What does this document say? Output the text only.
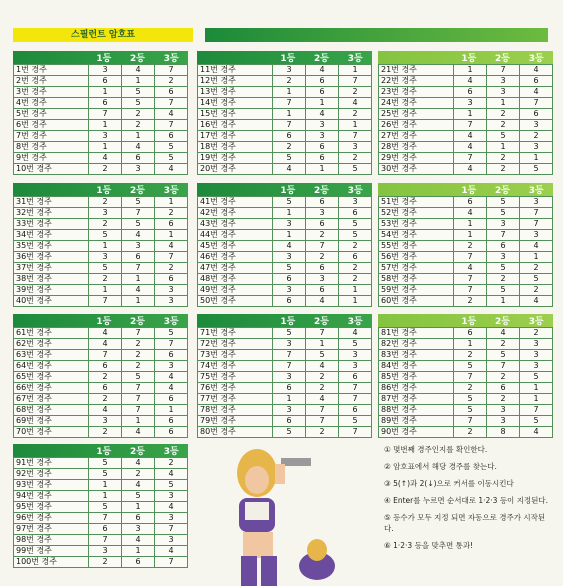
스필런트 암호표
1등	2등	3등
1번 경주	3	4	7
2번 경주	6	1	2
3번 경주	1	5	6
4번 경주	6	5	7
5번 경주	7	2	4
6번 경주	1	2	7
7번 경주	3	1	6
8번 경주	1	4	5
9번 경주	4	6	5
10번 경주	2	3	4
1등	2등	3등
11번 경주	3	4	1
12번 경주	2	6	7
13번 경주	1	6	2
14번 경주	7	1	4
15번 경주	1	4	2
16번 경주	7	3	1
17번 경주	6	3	7
18번 경주	2	6	3
19번 경주	5	6	2
20번 경주	4	1	5
1등	2등	3등
21번 경주	1	7	4
22번 경주	4	3	6
23번 경주	6	3	4
24번 경주	3	1	7
25번 경주	1	2	6
26번 경주	7	2	3
27번 경주	4	5	2
28번 경주	4	1	3
29번 경주	7	2	1
30번 경주	4	2	5
1등	2등	3등
31번 경주	2	5	1
32번 경주	3	7	2
33번 경주	2	5	6
34번 경주	5	4	1
35번 경주	1	3	4
36번 경주	3	6	7
37번 경주	5	7	2
38번 경주	2	1	6
39번 경주	1	4	3
40번 경주	7	1	3
1등	2등	3등
41번 경주	5	6	3
42번 경주	1	3	6
43번 경주	3	6	5
44번 경주	1	2	5
45번 경주	4	7	2
46번 경주	3	2	6
47번 경주	5	6	2
48번 경주	6	3	2
49번 경주	3	6	1
50번 경주	6	4	1
1등	2등	3등
51번 경주	6	5	3
52번 경주	4	5	7
53번 경주	1	3	7
54번 경주	1	7	3
55번 경주	2	6	4
56번 경주	7	3	1
57번 경주	4	5	2
58번 경주	7	2	5
59번 경주	7	5	2
60번 경주	2	1	4
1등	2등	3등
61번 경주	4	7	5
62번 경주	4	2	7
63번 경주	7	2	6
64번 경주	6	2	3
65번 경주	2	5	4
66번 경주	6	7	4
67번 경주	2	7	6
68번 경주	4	7	1
69번 경주	3	1	6
70번 경주	2	4	6
1등	2등	3등
71번 경주	5	7	4
72번 경주	3	1	5
73번 경주	7	5	3
74번 경주	7	4	3
75번 경주	3	2	6
76번 경주	6	2	7
77번 경주	1	4	7
78번 경주	3	7	6
79번 경주	6	7	5
80번 경주	5	2	7
1등	2등	3등
81번 경주	6	4	2
82번 경주	1	2	3
83번 경주	2	5	3
84번 경주	5	7	3
85번 경주	7	2	5
86번 경주	2	6	1
87번 경주	5	2	1
88번 경주	5	3	7
89번 경주	7	3	5
90번 경주	2	8	4
1등	2등	3등
91번 경주	5	4	2
92번 경주	5	2	4
93번 경주	1	4	5
94번 경주	1	5	3
95번 경주	5	1	4
96번 경주	7	6	3
97번 경주	6	3	7
98번 경주	7	4	3
99번 경주	3	1	4
100번 경주	2	6	7
① 몇번째 경주인지를 확인한다.
② 암호표에서 해당 경주를 찾는다.
③ 5(↑)과 2(↓)으로 커서를 이동시킨다
④ Enter를 누르면 순서대로 1·2·3 등이 지정된다.
⑤ 등수가 모두 지정 되면 자동으로 경주가 시작된다.
⑥ 1·2·3 등을 맞추면 통과!
